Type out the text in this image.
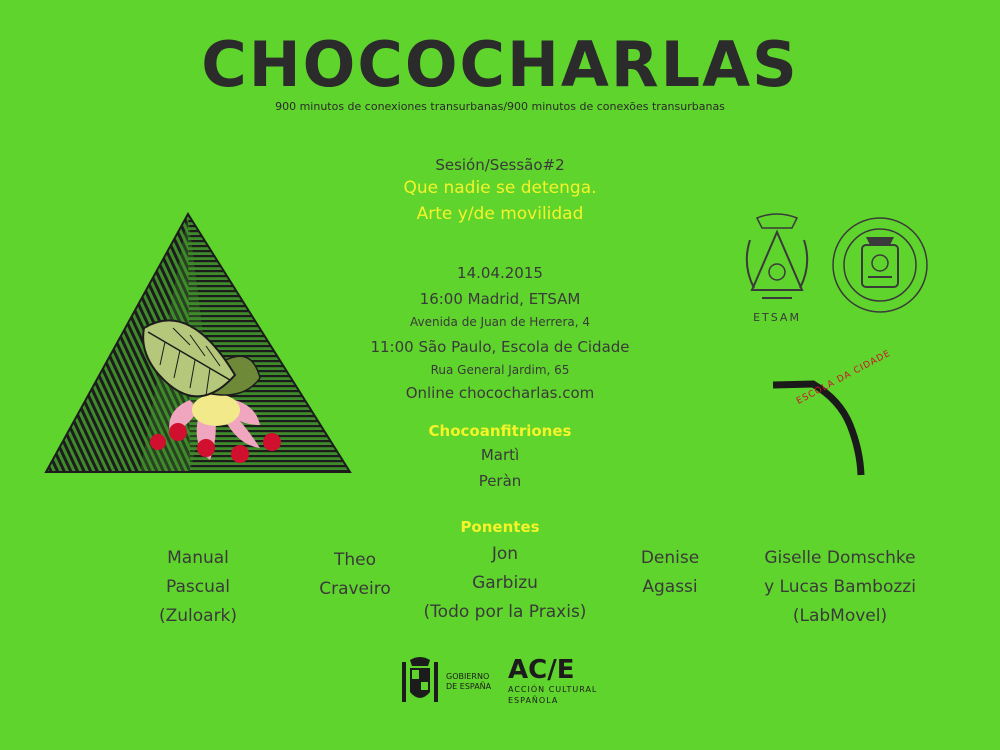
CHOCOCHARLAS
900 minutos de conexiones transurbanas/900 minutos de conexões transurbanas
Sesión/Sessão#2
Que nadie se detenga.
Arte y/de movilidad
14.04.2015
16:00 Madrid, ETSAM
Avenida de Juan de Herrera, 4
11:00 São Paulo, Escola de Cidade
Rua General Jardim, 65
Online chococharlas.com
Chocoanfitriones
Martì
Peràn
Ponentes
Manual
Pascual
(Zuloark)
Theo
Craveiro
Jon
Garbizu
(Todo por la Praxis)
Denise
Agassi
Giselle Domschke
y Lucas Bambozzi
(LabMovel)
ETSAM
ESCOLA DA CIDADE
GOBIERNO
DE ESPAÑA
AC/E
ACCIÓN CULTURAL
ESPAÑOLA
